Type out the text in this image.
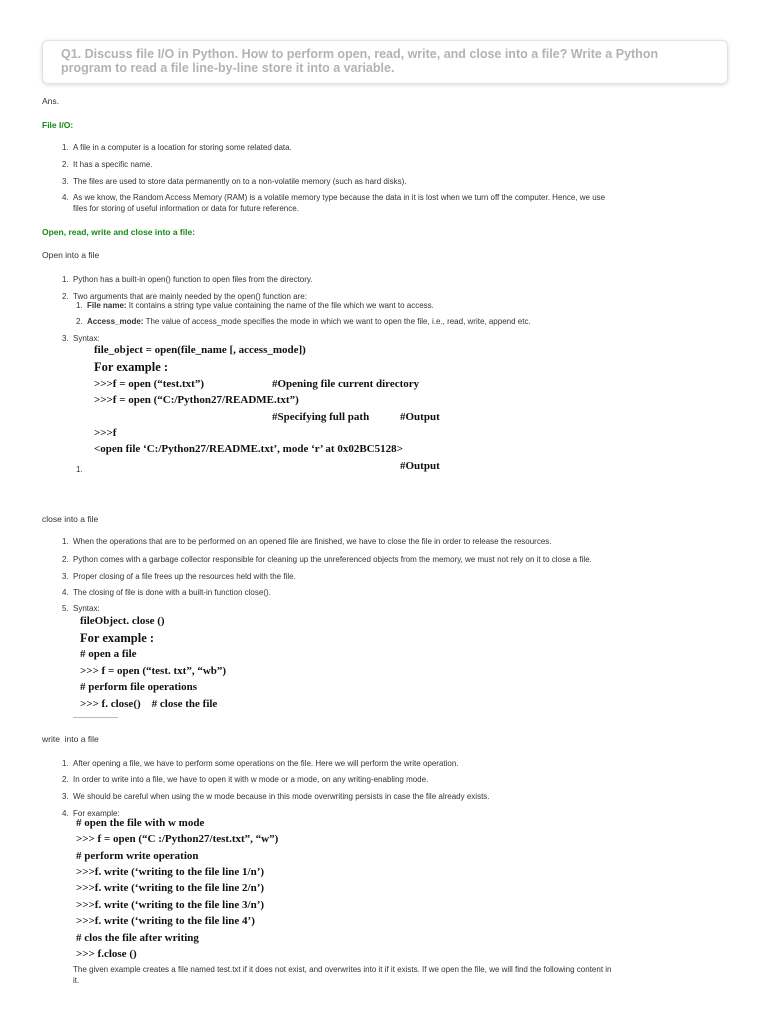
Q1. Discuss file I/O in Python. How to perform open, read, write, and close into a file? Write a Python program to read a file line-by-line store it into a variable.
Ans.
File I/O:
1. A file in a computer is a location for storing some related data.
2. It has a specific name.
3. The files are used to store data permanently on to a non-volatile memory (such as hard disks).
4. As we know, the Random Access Memory (RAM) is a volatile memory type because the data in it is lost when we turn off the computer. Hence, we use
files for storing of useful information or data for future reference.
Open, read, write and close into a file:
Open into a file
1. Python has a built-in open() function to open files from the directory.
2. Two arguments that are mainly needed by the open() function are:
1. File name: It contains a string type value containing the name of the file which we want to access.
2. Access_mode: The value of access_mode specifies the mode in which we want to open the file, i.e., read, write, append etc.
3. Syntax:
file_object = open(file_name [, access_mode])
For example :
>>>f = open (“test.txt”)	#Opening file current directory
>>>f = open (“C:/Python27/README.txt”)
#Specifying full path	#Output
>>>f
<open file ‘C:/Python27/README.txt’, mode ‘r’ at 0x02BC5128>
1.	#Output
close into a file
1. When the operations that are to be performed on an opened file are finished, we have to close the file in order to release the resources.
2. Python comes with a garbage collector responsible for cleaning up the unreferenced objects from the memory, we must not rely on it to close a file.
3. Proper closing of a file frees up the resources held with the file.
4. The closing of file is done with a built-in function close().
5. Syntax:
fileObject. close ()
For example :
# open a file
>>> f = open (“test. txt”, “wb”)
# perform file operations
>>> f. close()    # close the file
write  into a file
1. After opening a file, we have to perform some operations on the file. Here we will perform the write operation.
2. In order to write into a file, we have to open it with w mode or a mode, on any writing-enabling mode.
3. We should be careful when using the w mode because in this mode overwriting persists in case the file already exists.
4. For example:
# open the file with w mode
>>> f = open (“C :/Python27/test.txt”, “w”)
# perform write operation
>>>f. write (‘writing to the file line 1/n’)
>>>f. write (‘writing to the file line 2/n’)
>>>f. write (‘writing to the file line 3/n’)
>>>f. write (‘writing to the file line 4’)
# clos the file after writing
>>> f.close ()
The given example creates a file named test.txt if it does not exist, and overwrites into it if it exists. If we open the file, we will find the following content in
it.
